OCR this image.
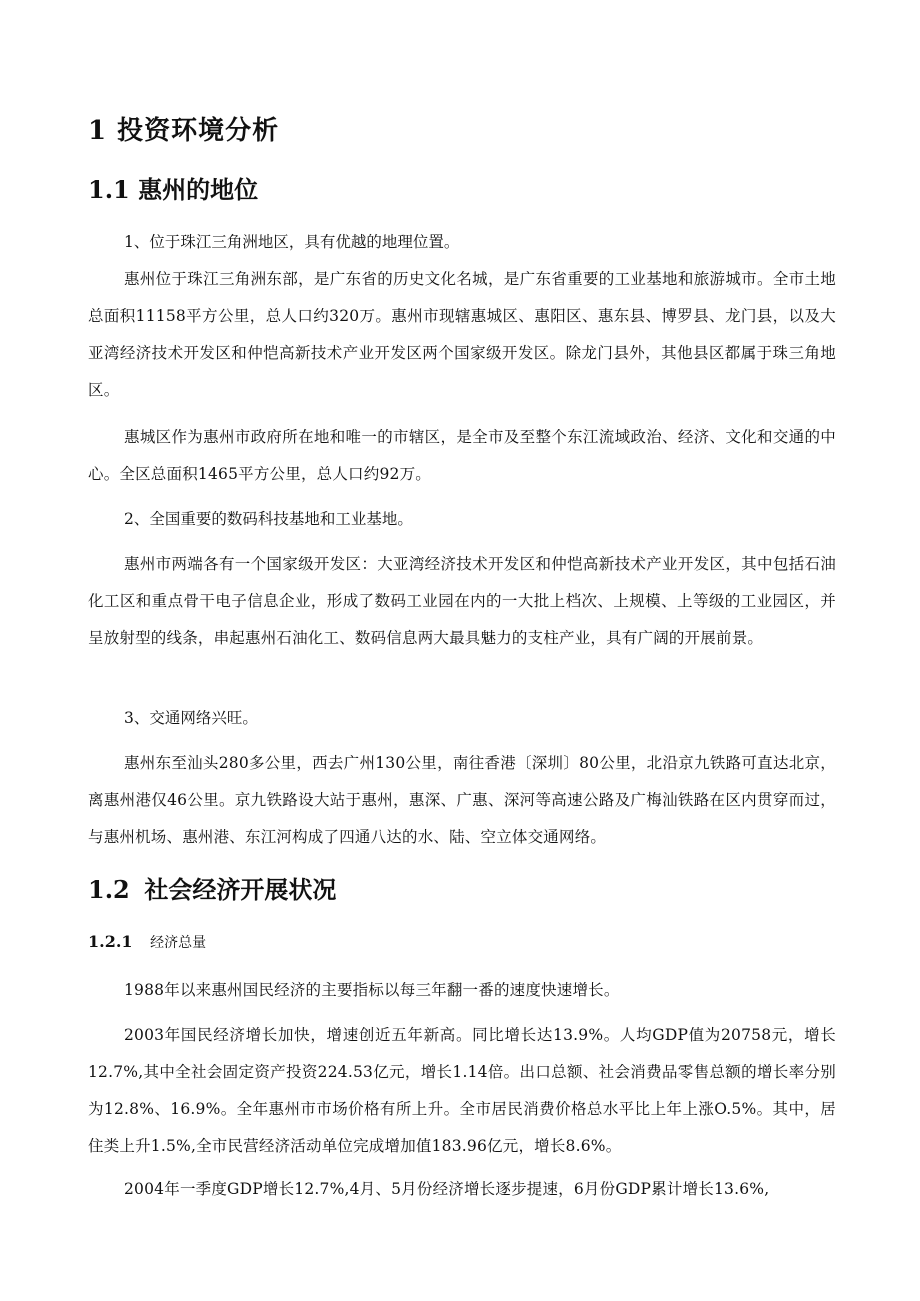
1 投资环境分析
1.1 惠州的地位

1、位于珠江三角洲地区，具有优越的地理位置。

惠州位于珠江三角洲东部，是广东省的历史文化名城，是广东省重要的工业基地和旅游城市。全市土地总面积11158平方公里，总人口约320万。惠州市现辖惠城区、惠阳区、惠东县、博罗县、龙门县，以及大亚湾经济技术开发区和仲恺高新技术产业开发区两个国家级开发区。除龙门县外，其他县区都属于珠三角地区。

惠城区作为惠州市政府所在地和唯一的市辖区，是全市及至整个东江流域政治、经济、文化和交通的中心。全区总面积1465平方公里，总人口约92万。

2、全国重要的数码科技基地和工业基地。

惠州市两端各有一个国家级开发区：大亚湾经济技术开发区和仲恺高新技术产业开发区，其中包括石油化工区和重点骨干电子信息企业，形成了数码工业园在内的一大批上档次、上规模、上等级的工业园区，并呈放射型的线条，串起惠州石油化工、数码信息两大最具魅力的支柱产业，具有广阔的开展前景。

3、交通网络兴旺。

惠州东至汕头280多公里，西去广州130公里，南往香港〔深圳〕80公里，北沿京九铁路可直达北京，离惠州港仅46公里。京九铁路设大站于惠州，惠深、广惠、深河等高速公路及广梅汕铁路在区内贯穿而过，与惠州机场、惠州港、东江河构成了四通八达的水、陆、空立体交通网络。

1.2 社会经济开展状况
1.2.1 经济总量

1988年以来惠州国民经济的主要指标以每三年翻一番的速度快速增长。

2003年国民经济增长加快，增速创近五年新高。同比增长达13.9%。人均GDP值为20758元，增长12.7%,其中全社会固定资产投资224.53亿元，增长1.14倍。出口总额、社会消费品零售总额的增长率分别为12.8%、16.9%。全年惠州市市场价格有所上升。全市居民消费价格总水平比上年上涨O.5%。其中，居住类上升1.5%,全市民营经济活动单位完成增加值183.96亿元，增长8.6%。

2004年一季度GDP增长12.7%,4月、5月份经济增长逐步提速，6月份GDP累计增长13.6%,
